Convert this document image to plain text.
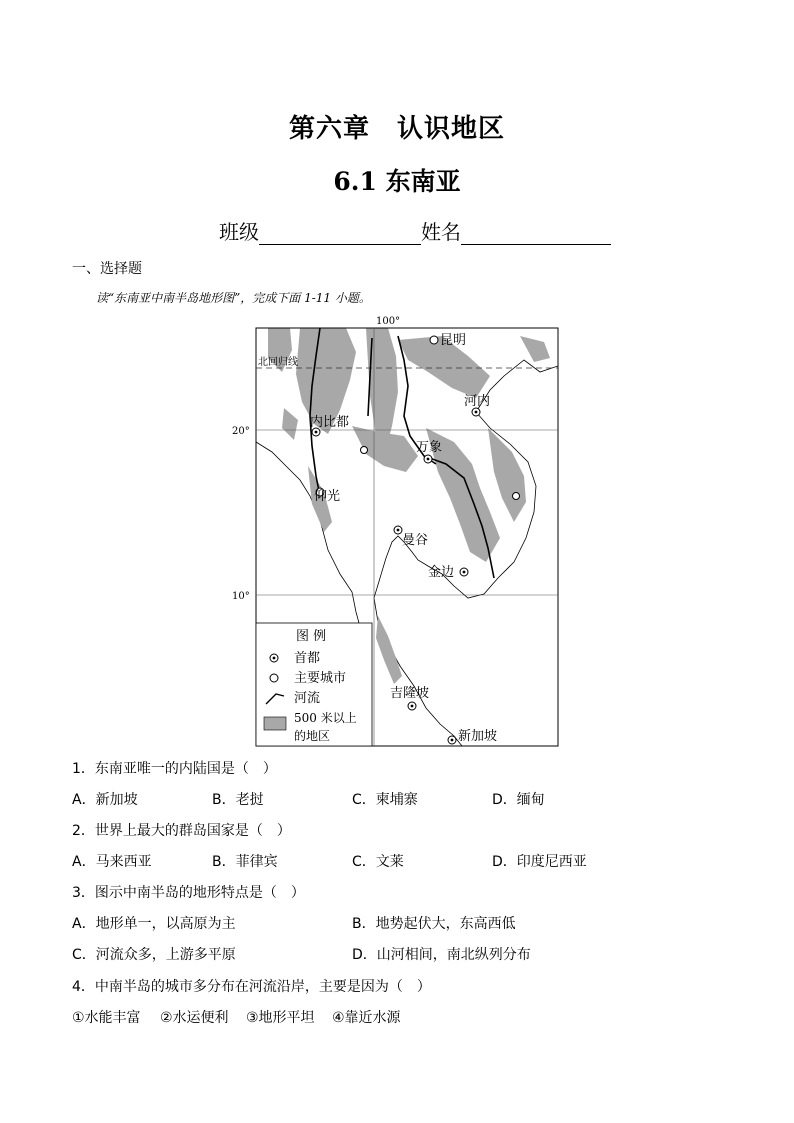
第六章　认识地区
6.1 东南亚
班级	姓名
一、选择题
读“东南亚中南半岛地形图”，完成下面 1-11 小题。
100°
20°
10°
北回归线
昆明
河内
内比都
万象
仰光
曼谷
金边
吉隆坡
新加坡
图 例
首都
主要城市
河流
500 米以上
的地区
1．东南亚唯一的内陆国是（　）
A．新加坡	B．老挝	C．柬埔寨	D．缅甸
2．世界上最大的群岛国家是（　）
A．马来西亚	B．菲律宾	C．文莱	D．印度尼西亚
3．图示中南半岛的地形特点是（　）
A．地形单一，以高原为主	B．地势起伏大，东高西低
C．河流众多，上游多平原	D．山河相间，南北纵列分布
4．中南半岛的城市多分布在河流沿岸，主要是因为（　）
①水能丰富 ②水运便利 ③地形平坦 ④靠近水源
